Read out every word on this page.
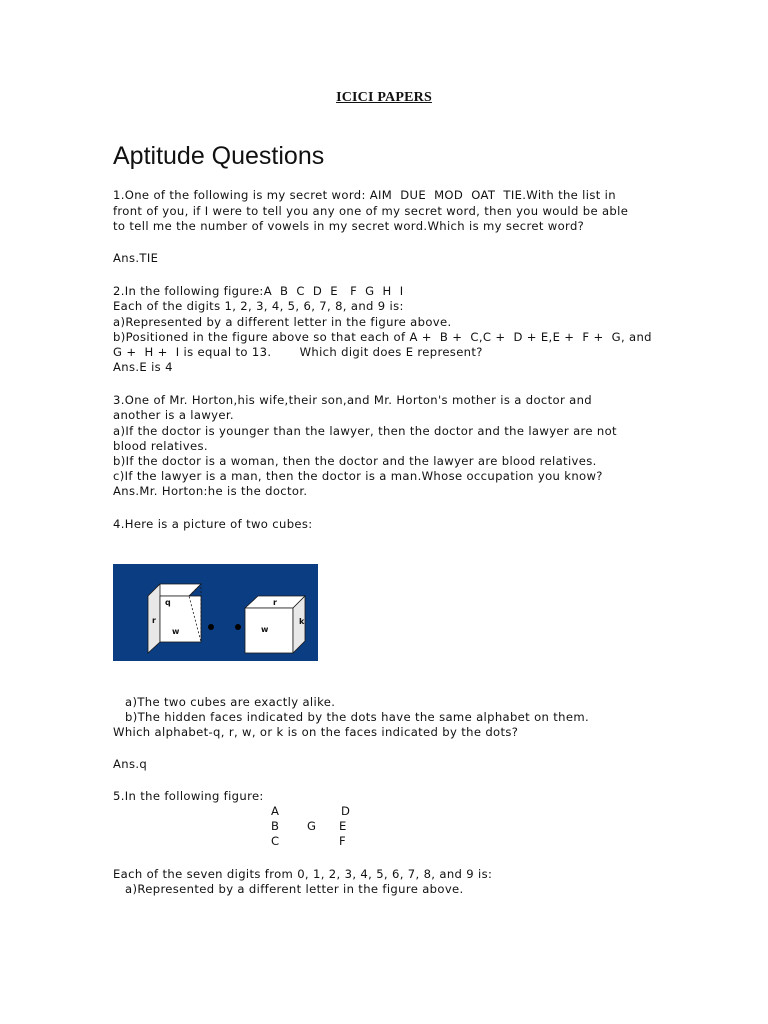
ICICI PAPERS
Aptitude Questions
1.One of the following is my secret word: AIM  DUE  MOD  OAT  TIE.With the list in
front of you, if I were to tell you any one of my secret word, then you would be able
to tell me the number of vowels in my secret word.Which is my secret word?
Ans.TIE
2.In the following figure:A  B  C  D  E   F  G  H  I
Each of the digits 1, 2, 3, 4, 5, 6, 7, 8, and 9 is:
a)Represented by a different letter in the figure above.
b)Positioned in the figure above so that each of A +  B +  C,C +  D + E,E +  F +  G, and
G +  H +  I is equal to 13.       Which digit does E represent?
Ans.E is 4
3.One of Mr. Horton,his wife,their son,and Mr. Horton's mother is a doctor and
another is a lawyer.
a)If the doctor is younger than the lawyer, then the doctor and the lawyer are not
blood relatives.
b)If the doctor is a woman, then the doctor and the lawyer are blood relatives.
c)If the lawyer is a man, then the doctor is a man.Whose occupation you know?
Ans.Mr. Horton:he is the doctor.
4.Here is a picture of two cubes:
q
r
w
r
k
w
a)The two cubes are exactly alike.
b)The hidden faces indicated by the dots have the same alphabet on them.
Which alphabet-q, r, w, or k is on the faces indicated by the dots?
Ans.q
5.In the following figure:
A	D
B G E
C	F
Each of the seven digits from 0, 1, 2, 3, 4, 5, 6, 7, 8, and 9 is:
a)Represented by a different letter in the figure above.
